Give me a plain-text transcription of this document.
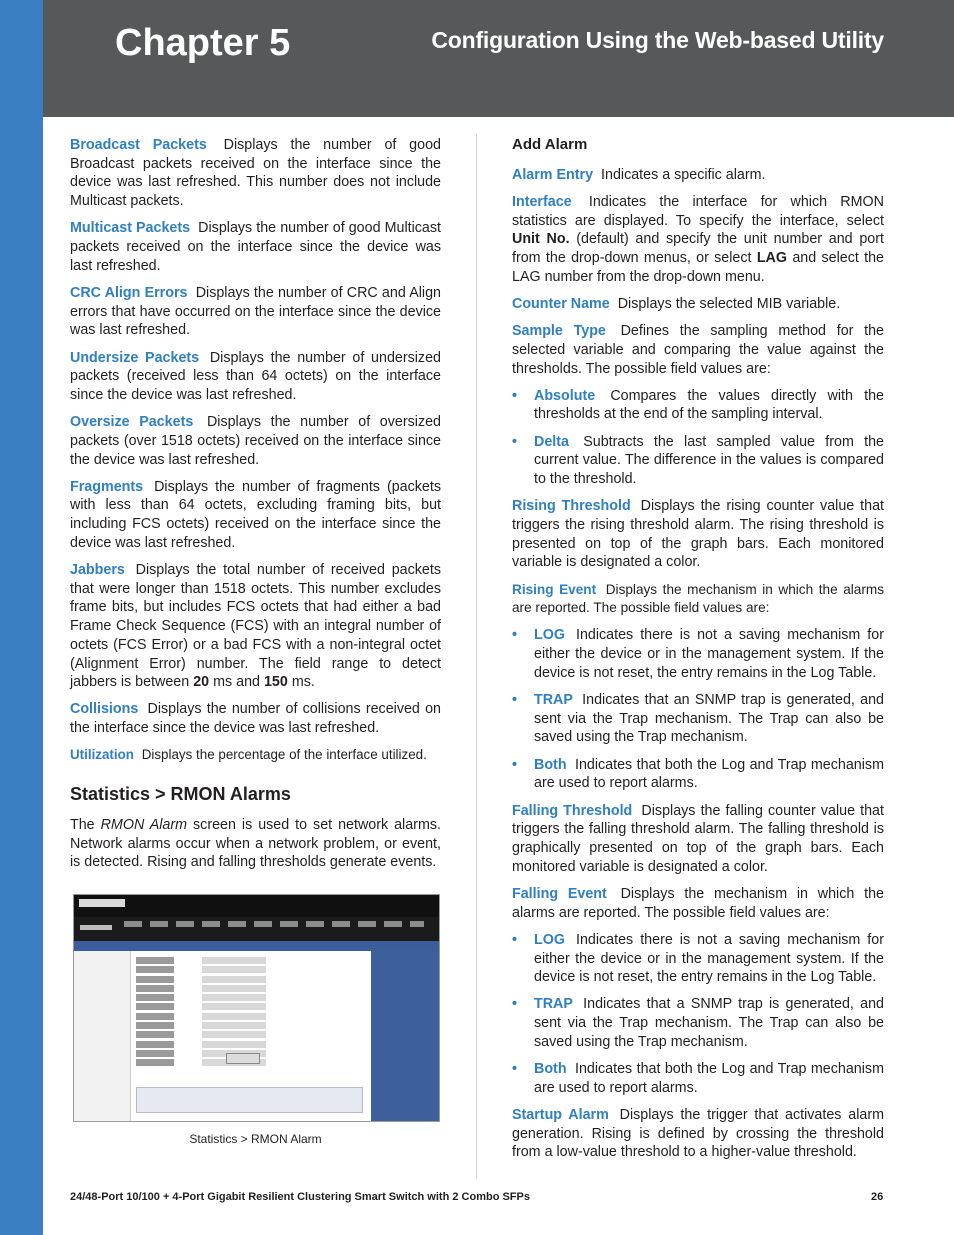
Chapter 5	Configuration Using the Web-based Utility

Broadcast Packets Displays the number of good Broadcast packets received on the interface since the device was last refreshed. This number does not include Multicast packets.

Multicast Packets Displays the number of good Multicast packets received on the interface since the device was last refreshed.

CRC Align Errors Displays the number of CRC and Align errors that have occurred on the interface since the device was last refreshed.

Undersize Packets Displays the number of undersized packets (received less than 64 octets) on the interface since the device was last refreshed.

Oversize Packets Displays the number of oversized packets (over 1518 octets) received on the interface since the device was last refreshed.

Fragments Displays the number of fragments (packets with less than 64 octets, excluding framing bits, but including FCS octets) received on the interface since the device was last refreshed.

Jabbers Displays the total number of received packets that were longer than 1518 octets. This number excludes frame bits, but includes FCS octets that had either a bad Frame Check Sequence (FCS) with an integral number of octets (FCS Error) or a bad FCS with a non-integral octet (Alignment Error) number. The field range to detect jabbers is between 20 ms and 150 ms.

Collisions Displays the number of collisions received on the interface since the device was last refreshed.

Utilization Displays the percentage of the interface utilized.

Statistics > RMON Alarms

The RMON Alarm screen is used to set network alarms. Network alarms occur when a network problem, or event, is detected. Rising and falling thresholds generate events.

Statistics > RMON Alarm

Add Alarm

Alarm Entry Indicates a specific alarm.

Interface Indicates the interface for which RMON statistics are displayed. To specify the interface, select Unit No. (default) and specify the unit number and port from the drop-down menus, or select LAG and select the LAG number from the drop-down menu.

Counter Name Displays the selected MIB variable.

Sample Type Defines the sampling method for the selected variable and comparing the value against the thresholds. The possible field values are:

• Absolute Compares the values directly with the thresholds at the end of the sampling interval.
• Delta Subtracts the last sampled value from the current value. The difference in the values is compared to the threshold.

Rising Threshold Displays the rising counter value that triggers the rising threshold alarm. The rising threshold is presented on top of the graph bars. Each monitored variable is designated a color.

Rising Event Displays the mechanism in which the alarms are reported. The possible field values are:

• LOG Indicates there is not a saving mechanism for either the device or in the management system. If the device is not reset, the entry remains in the Log Table.
• TRAP Indicates that an SNMP trap is generated, and sent via the Trap mechanism. The Trap can also be saved using the Trap mechanism.
• Both Indicates that both the Log and Trap mechanism are used to report alarms.

Falling Threshold Displays the falling counter value that triggers the falling threshold alarm. The falling threshold is graphically presented on top of the graph bars. Each monitored variable is designated a color.

Falling Event Displays the mechanism in which the alarms are reported. The possible field values are:

• LOG Indicates there is not a saving mechanism for either the device or in the management system. If the device is not reset, the entry remains in the Log Table.
• TRAP Indicates that a SNMP trap is generated, and sent via the Trap mechanism. The Trap can also be saved using the Trap mechanism.
• Both Indicates that both the Log and Trap mechanism are used to report alarms.

Startup Alarm Displays the trigger that activates alarm generation. Rising is defined by crossing the threshold from a low-value threshold to a higher-value threshold.

24/48-Port 10/100 + 4-Port Gigabit Resilient Clustering Smart Switch with 2 Combo SFPs	26
